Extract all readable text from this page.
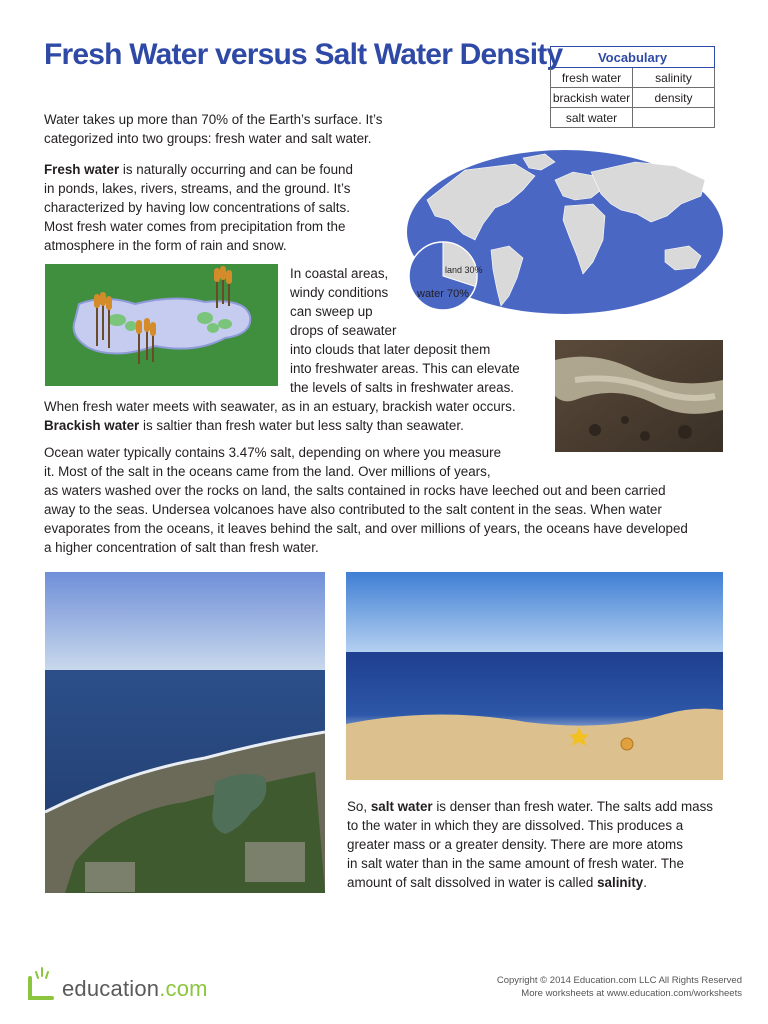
Fresh Water versus Salt Water Density	Vocabulary	
fresh water	salinity
brackish water	density
salt water	
Water takes up more than 70% of the Earth’s surface. It’s
categorized into two groups: fresh water and salt water.
Fresh water is naturally occurring and can be found
in ponds, lakes, rivers, streams, and the ground. It’s
characterized by having low concentrations of salts.
Most fresh water comes from precipitation from the
atmosphere in the form of rain and snow.
land 30%
water 70%
In coastal areas,
windy conditions
can sweep up
drops of seawater
into clouds that later deposit them
into freshwater areas. This can elevate
the levels of salts in freshwater areas.
When fresh water meets with seawater, as in an estuary, brackish water occurs.
Brackish water is saltier than fresh water but less salty than seawater.
Ocean water typically contains 3.47% salt, depending on where you measure
it. Most of the salt in the oceans came from the land. Over millions of years,
as waters washed over the rocks on land, the salts contained in rocks have leeched out and been carried
away to the seas. Undersea volcanoes have also contributed to the salt content in the seas. When water
evaporates from the oceans, it leaves behind the salt, and over millions of years, the oceans have developed
a higher concentration of salt than fresh water.
So, salt water is denser than fresh water. The salts add mass
to the water in which they are dissolved. This produces a
greater mass or a greater density. There are more atoms
in salt water than in the same amount of fresh water. The
amount of salt dissolved in water is called salinity.
education.com	Copyright © 2014 Education.com LLC All Rights Reserved
More worksheets at www.education.com/worksheets
